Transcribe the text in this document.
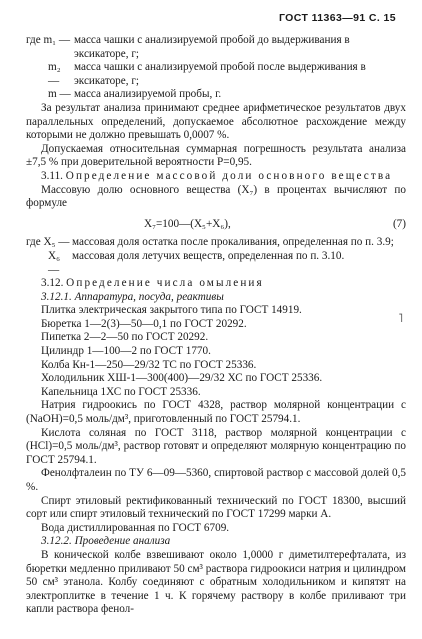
ГОСТ 11363—91 С. 15
где m₁ — масса чашки с анализируемой пробой до выдерживания в эксикаторе, г;
m₂ —
масса чашки с анализируемой пробой после выдерживания в эксикаторе, г;
m — масса анализируемой пробы, г.

За результат анализа принимают среднее арифметическое результатов двух параллельных определений, допускаемое абсолютное расхождение между которыми не должно превышать 0,0007 %.

Допускаемая относительная суммарная погрешность результата анализа ±7,5 % при доверительной вероятности P=0,95.

3.11. Определение массовой доли основного вещества

Массовую долю основного вещества (X₇) в процентах вычисляют по формуле

X₇=100—(X₅+X₆),	(7)
где X₅ — массовая доля остатка после прокаливания, определенная по п. 3.9;
X₆ —
массовая доля летучих веществ, определенная по п. 3.10.

3.12. Определение числа омыления

3.12.1. Аппаратура, посуда, реактивы

Плитка электрическая закрытого типа по ГОСТ 14919.

Бюретка 1—2(3)—50—0,1 по ГОСТ 20292.

Пипетка 2—2—50 по ГОСТ 20292.

Цилиндр 1—100—2 по ГОСТ 1770.

Колба Кн-1—250—29/32 ТС по ГОСТ 25336.

Холодильник ХШ-1—300(400)—29/32 ХС по ГОСТ 25336.

Капельница 1ХС по ГОСТ 25336.

Натрия гидроокись по ГОСТ 4328, раствор молярной концентрации с (NaOH)=0,5 моль/дм³, приготовленный по ГОСТ 25794.1.

Кислота соляная по ГОСТ 3118, раствор молярной концентрации с (HCl)=0,5 моль/дм³, раствор готовят и определяют молярную концентрацию по ГОСТ 25794.1.

Фенолфталеин по ТУ 6—09—5360, спиртовой раствор с массовой долей 0,5 %.

Спирт этиловый ректификованный технический по ГОСТ 18300, высший сорт или спирт этиловый технический по ГОСТ 17299 марки А.

Вода дистиллированная по ГОСТ 6709.

3.12.2. Проведение анализа

В конической колбе взвешивают около 1,0000 г диметилтерефталата, из бюретки медленно приливают 50 см³ раствора гидроокиси натрия и цилиндром 50 см³ этанола. Колбу соединяют с обратным холодильником и кипятят на электроплитке в течение 1 ч. К горячему раствору в колбе приливают три капли раствора фенол-

˥
